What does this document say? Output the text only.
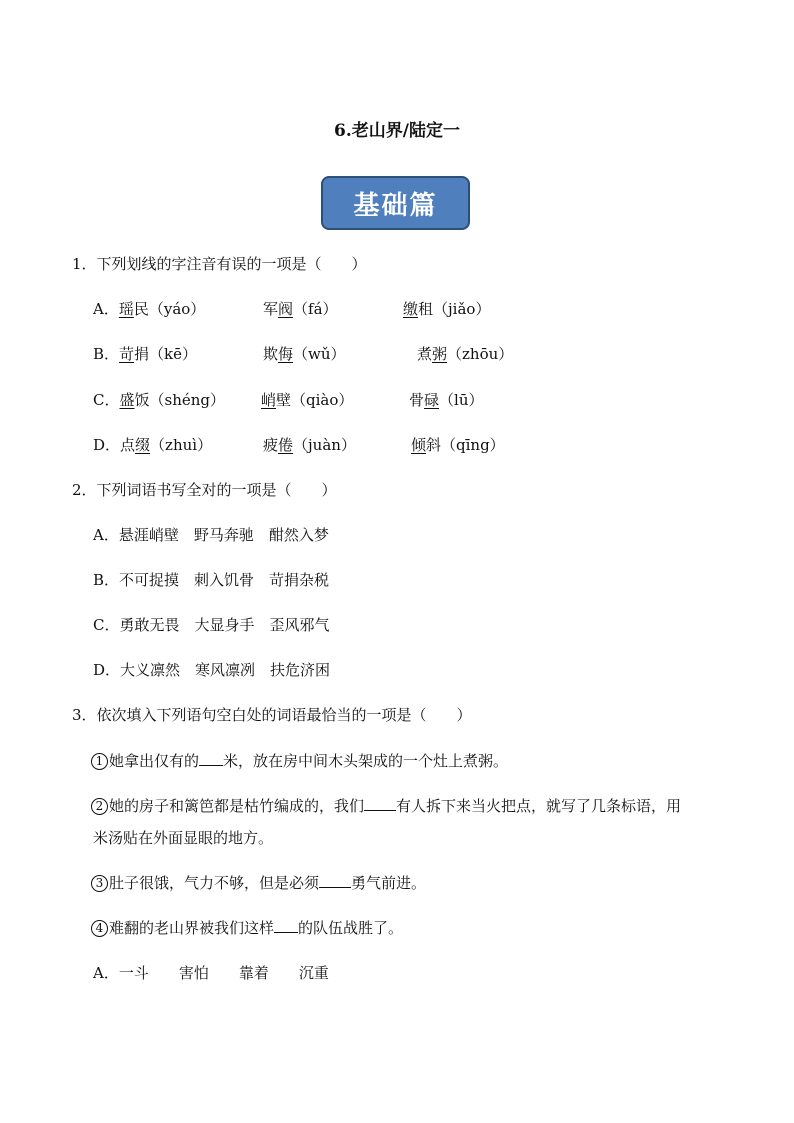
6.老山界/陆定一
基础篇
1．下列划线的字注音有误的一项是（　　）
A．瑶民（yáo）	军阀（fá）	缴租（jiǎo）
B．苛捐（kē）	欺侮（wǔ）	煮粥（zhōu）
C．盛饭（shéng） 峭壁（qiào）	骨碌（lū）
D．点缀（zhuì）	疲倦（juàn）	倾斜（qīng）
2．下列词语书写全对的一项是（　　）
A．悬涯峭壁　野马奔驰　酣然入梦
B．不可捉摸　刺入饥骨　苛捐杂税
C．勇敢无畏　大显身手　歪风邪气
D．大义凛然　寒风凛冽　扶危济困
3．依次填入下列语句空白处的词语最恰当的一项是（　　）
1 她拿出仅有的 米，放在房中间木头架成的一个灶上煮粥。
2 她的房子和篱笆都是枯竹编成的，我们 有人拆下来当火把点，就写了几条标语，用
米汤贴在外面显眼的地方。
3 肚子很饿，气力不够，但是必须 勇气前进。
4 难翻的老山界被我们这样 的队伍战胜了。
A．一斗　　害怕　　靠着　　沉重
